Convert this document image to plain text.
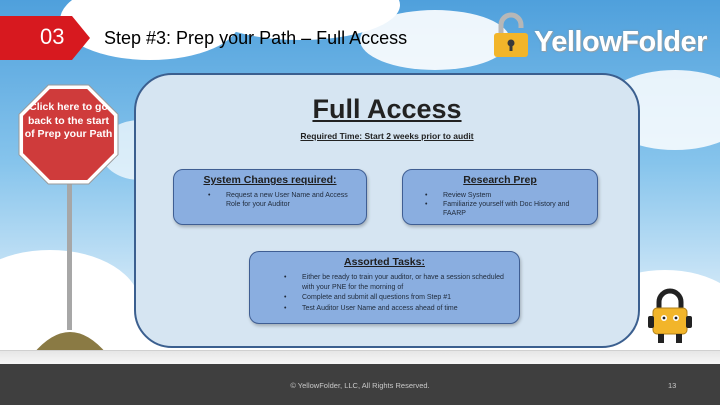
03 Step #3: Prep your Path – Full Access	YellowFolder
Click here to go back to the start of Prep your Path
Full Access
Required Time: Start 2 weeks prior to audit
System Changes required:
• Request a new User Name and Access Role for your Auditor
Research Prep
• Review System
• Familiarize yourself with Doc History and FAARP
Assorted Tasks:
• Either be ready to train your auditor, or have a session scheduled with your PNE for the morning of
• Complete and submit all questions from Step #1
• Test Auditor User Name and access ahead of time
© YellowFolder, LLC, All Rights Reserved.	13
